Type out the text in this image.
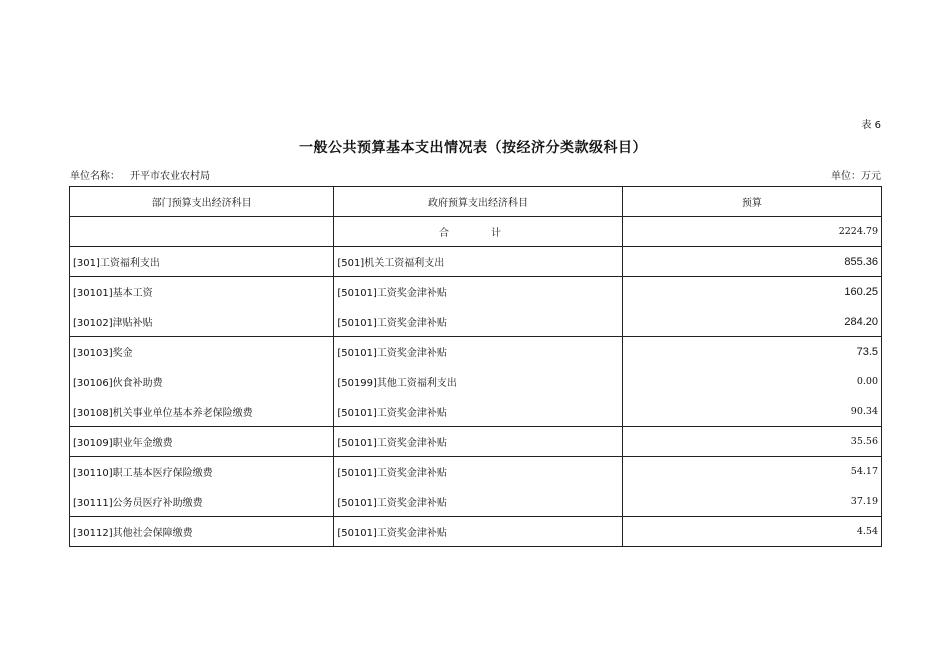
表 6
一般公共预算基本支出情况表（按经济分类款级科目）
单位名称： 开平市农业农村局	单位：万元
部门预算支出经济科目	政府预算支出经济科目	预算
	合　计	2224.79
[301]工资福利支出	[501]机关工资福利支出	855.36
[30101]基本工资	[50101]工资奖金津补贴	160.25
[30102]津贴补贴	[50101]工资奖金津补贴	284.20
[30103]奖金	[50101]工资奖金津补贴	73.5
[30106]伙食补助费	[50199]其他工资福利支出	0.00
[30108]机关事业单位基本养老保险缴费	[50101]工资奖金津补贴	90.34
[30109]职业年金缴费	[50101]工资奖金津补贴	35.56
[30110]职工基本医疗保险缴费	[50101]工资奖金津补贴	54.17
[30111]公务员医疗补助缴费	[50101]工资奖金津补贴	37.19
[30112]其他社会保障缴费	[50101]工资奖金津补贴	4.54
